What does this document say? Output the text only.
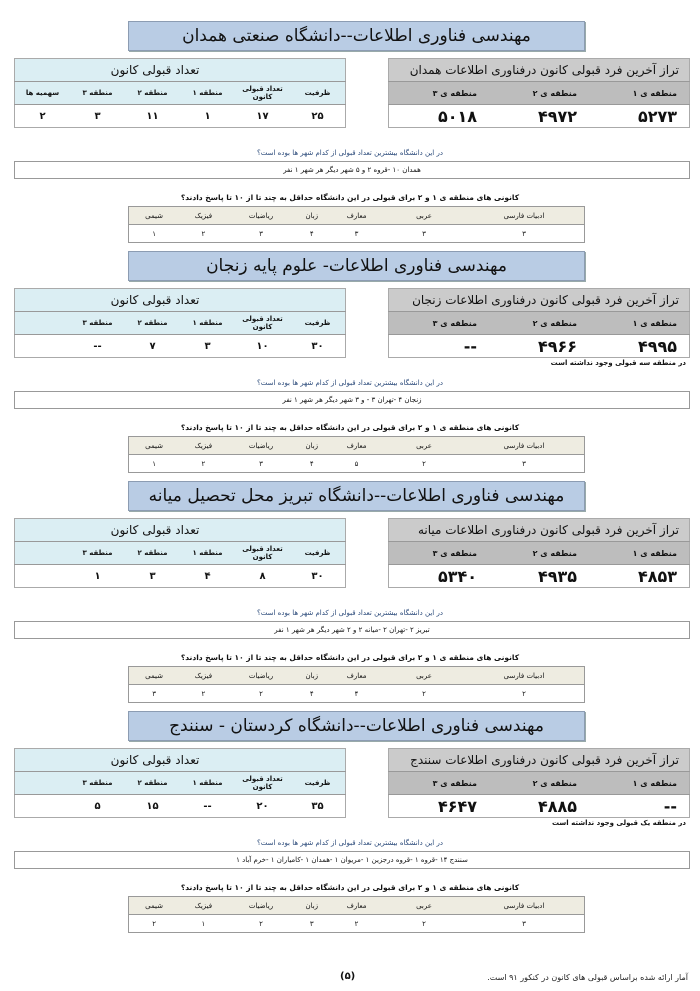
(۵)	آمار ارائه شده براساس قبولی های کانون در کنکور ۹۱ است.
مهندسی فناوری اطلاعات--دانشگاه صنعتی همدان
تراز آخرین فرد قبولی کانون درفناوری اطلاعات همدان		
منطقه ی ۱	منطقه ی ۲	منطقه ی ۳
۵۲۷۳	۴۹۷۲	۵۰۱۸
تعداد قبولی کانون					
ظرفیت	تعداد قبولی کانون	منطقه ۱	منطقه ۲	منطقه ۳	سهمیه ها
۲۵	۱۷	۱	۱۱	۳	۲
در این دانشگاه بیشترین تعداد قبولی از کدام شهر ها بوده است؟
همدان ۱۰ -قروه ۲ و ۵ شهر دیگر هر شهر ۱ نفر
کانونی های منطقه ی ۱ و ۲ برای قبولی در این دانشگاه حداقل به چند تا از ۱۰ تا پاسخ دادند؟
ادبیات فارسی	عربی	معارف	زبان	ریاضیات	فیزیک	شیمی
۳	۳	۳	۴	۳	۲	۱
مهندسی فناوری اطلاعات- علوم پایه زنجان
تراز آخرین فرد قبولی کانون درفناوری اطلاعات زنجان		
منطقه ی ۱	منطقه ی ۲	منطقه ی ۳
۴۹۹۵	۴۹۶۶	--
تعداد قبولی کانون					
ظرفیت	تعداد قبولی کانون	منطقه ۱	منطقه ۲	منطقه ۳	
۳۰	۱۰	۳	۷	--	
در منطقه سه قبولی وجود نداشته است
در این دانشگاه بیشترین تعداد قبولی از کدام شهر ها بوده است؟
زنجان ۴ -تهران ۳ - و ۳ شهر دیگر هر شهر ۱ نفر
کانونی های منطقه ی ۱ و ۲ برای قبولی در این دانشگاه حداقل به چند تا از ۱۰ تا پاسخ دادند؟
ادبیات فارسی	عربی	معارف	زبان	ریاضیات	فیزیک	شیمی
۳	۲	۵	۴	۳	۲	۱
مهندسی فناوری اطلاعات--دانشگاه تبریز محل تحصیل میانه
تراز آخرین فرد قبولی کانون درفناوری اطلاعات میانه		
منطقه ی ۱	منطقه ی ۲	منطقه ی ۳
۴۸۵۳	۴۹۳۵	۵۳۴۰
تعداد قبولی کانون					
ظرفیت	تعداد قبولی کانون	منطقه ۱	منطقه ۲	منطقه ۳	
۳۰	۸	۴	۳	۱	
در این دانشگاه بیشترین تعداد قبولی از کدام شهر ها بوده است؟
تبریز ۲ -تهران ۲ -میانه ۲ و ۲ شهر دیگر هر شهر ۱ نفر
کانونی های منطقه ی ۱ و ۲ برای قبولی در این دانشگاه حداقل به چند تا از ۱۰ تا پاسخ دادند؟
ادبیات فارسی	عربی	معارف	زبان	ریاضیات	فیزیک	شیمی
۲	۲	۴	۴	۲	۲	۳
مهندسی فناوری اطلاعات--دانشگاه کردستان - سنندج
تراز آخرین فرد قبولی کانون درفناوری اطلاعات سنندج		
منطقه ی ۱	منطقه ی ۲	منطقه ی ۳
--	۴۸۸۵	۴۶۴۷
تعداد قبولی کانون					
ظرفیت	تعداد قبولی کانون	منطقه ۱	منطقه ۲	منطقه ۳	
۳۵	۲۰	--	۱۵	۵	
در منطقه یک قبولی وجود نداشته است
در این دانشگاه بیشترین تعداد قبولی از کدام شهر ها بوده است؟
سنندج ۱۴ -قروه ۱ -قروه درجزین ۱ -مریوان ۱ -همدان ۱ -کامیاران ۱ -خرم آباد ۱
کانونی های منطقه ی ۱ و ۲ برای قبولی در این دانشگاه حداقل به چند تا از ۱۰ تا پاسخ دادند؟
ادبیات فارسی	عربی	معارف	زبان	ریاضیات	فیزیک	شیمی
۳	۲	۲	۳	۲	۱	۲
